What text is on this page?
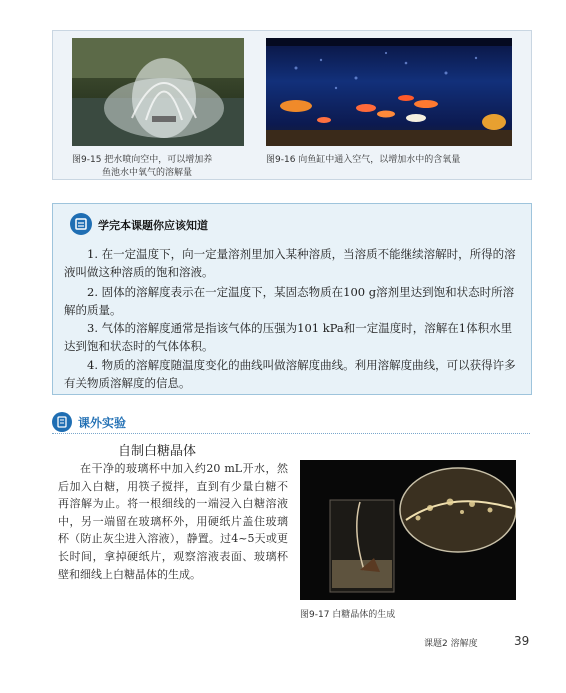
图9-15 把水喷向空中，可以增加养
鱼池水中氧气的溶解量
图9-16 向鱼缸中通入空气，以增加水中的含氧量
学完本课题你应该知道
1. 在一定温度下，向一定量溶剂里加入某种溶质，当溶质不能继续溶解时，所得的溶液叫做这种溶质的饱和溶液。
2. 固体的溶解度表示在一定温度下，某固态物质在100 g溶剂里达到饱和状态时所溶解的质量。
3. 气体的溶解度通常是指该气体的压强为101 kPa和一定温度时，溶解在1体积水里达到饱和状态时的气体体积。
4. 物质的溶解度随温度变化的曲线叫做溶解度曲线。利用溶解度曲线，可以获得许多有关物质溶解度的信息。
课外实验
自制白糖晶体
在干净的玻璃杯中加入约20 mL开水，然后加入白糖，用筷子搅拌，直到有少量白糖不再溶解为止。将一根细线的一端浸入白糖溶液中，另一端留在玻璃杯外，用硬纸片盖住玻璃杯（防止灰尘进入溶液），静置。过4~5天或更长时间，拿掉硬纸片，观察溶液表面、玻璃杯壁和细线上白糖晶体的生成。
图9-17 白糖晶体的生成
课题2 溶解度	39
